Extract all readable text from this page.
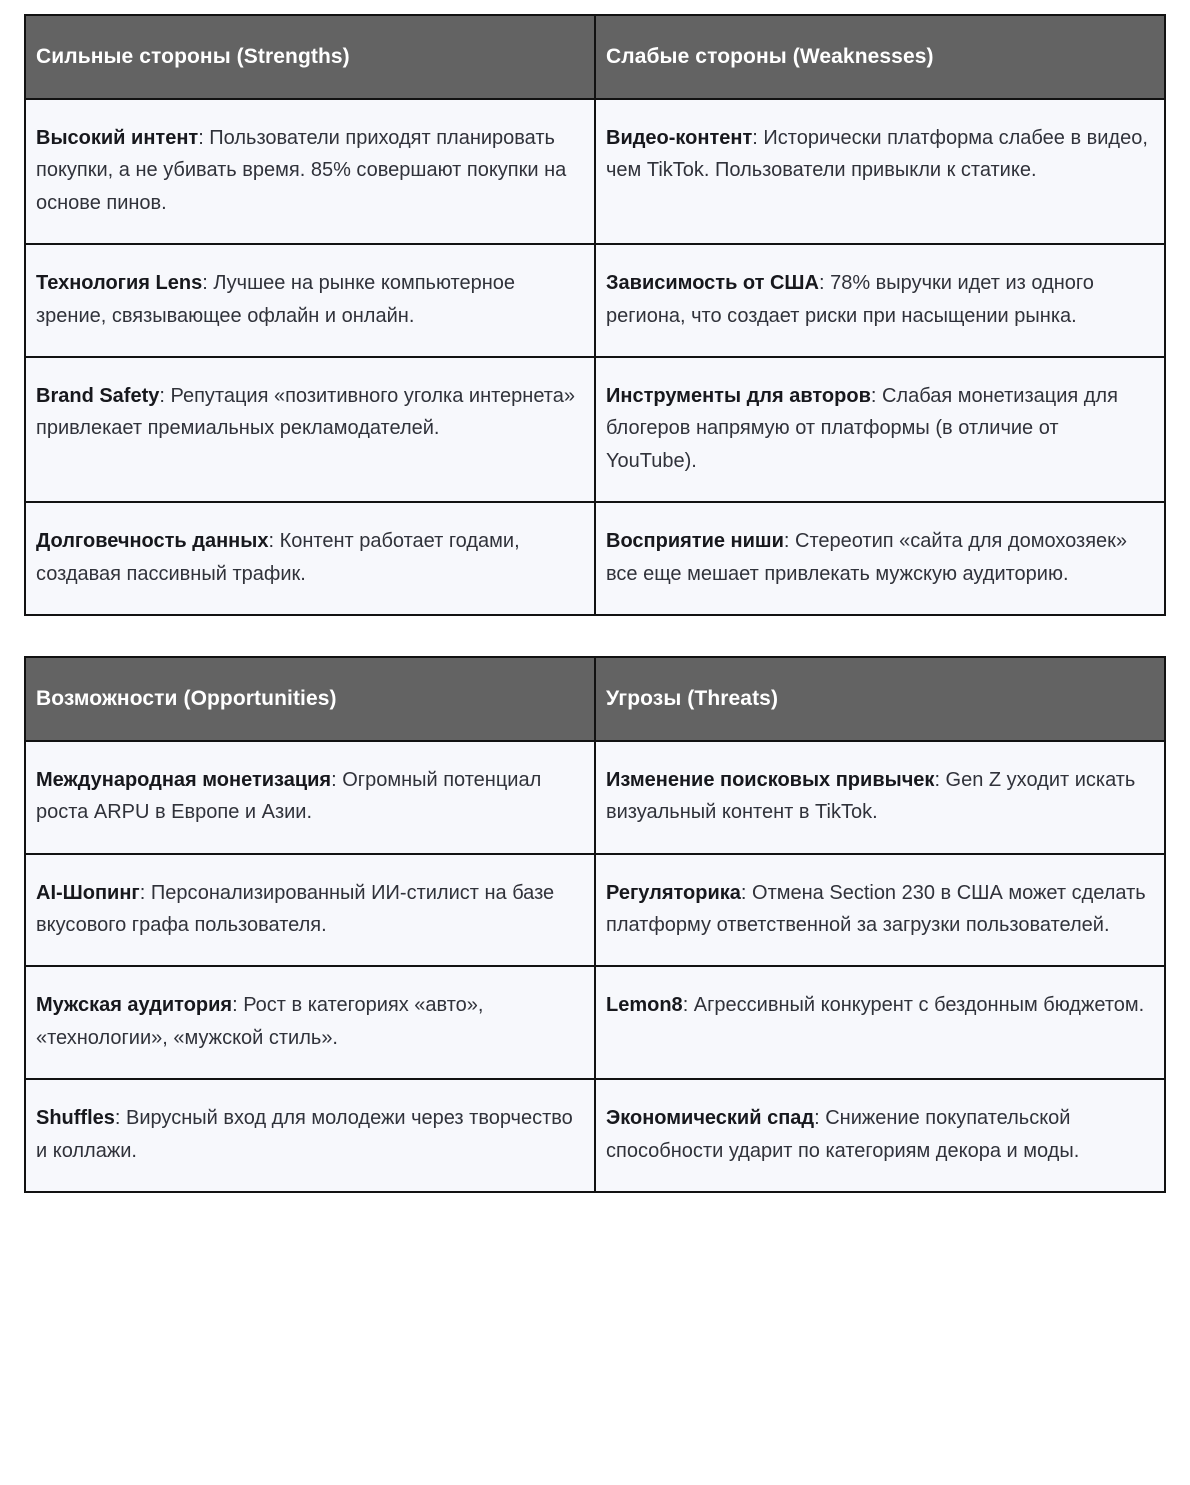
Сильные стороны (Strengths)	Слабые стороны (Weaknesses)
Высокий интент: Пользователи приходят планировать покупки, а не убивать время. 85% совершают покупки на основе пинов.	Видео-контент: Исторически платформа слабее в видео, чем TikTok. Пользователи привыкли к статике.
Технология Lens: Лучшее на рынке компьютерное зрение, связывающее офлайн и онлайн.	Зависимость от США: 78% выручки идет из одного региона, что создает риски при насыщении рынка.
Brand Safety: Репутация «позитивного уголка интернета» привлекает премиальных рекламодателей.	Инструменты для авторов: Слабая монетизация для блогеров напрямую от платформы (в отличие от YouTube).
Долговечность данных: Контент работает годами, создавая пассивный трафик.	Восприятие ниши: Стереотип «сайта для домохозяек» все еще мешает привлекать мужскую аудиторию.
Возможности (Opportunities)	Угрозы (Threats)
Международная монетизация: Огромный потенциал роста ARPU в Европе и Азии.	Изменение поисковых привычек: Gen Z уходит искать визуальный контент в TikTok.
AI-Шопинг: Персонализированный ИИ-стилист на базе вкусового графа пользователя.	Регуляторика: Отмена Section 230 в США может сделать платформу ответственной за загрузки пользователей.
Мужская аудитория: Рост в категориях «авто», «технологии», «мужской стиль».	Lemon8: Агрессивный конкурент с бездонным бюджетом.
Shuffles: Вирусный вход для молодежи через творчество и коллажи.	Экономический спад: Снижение покупательской способности ударит по категориям декора и моды.
